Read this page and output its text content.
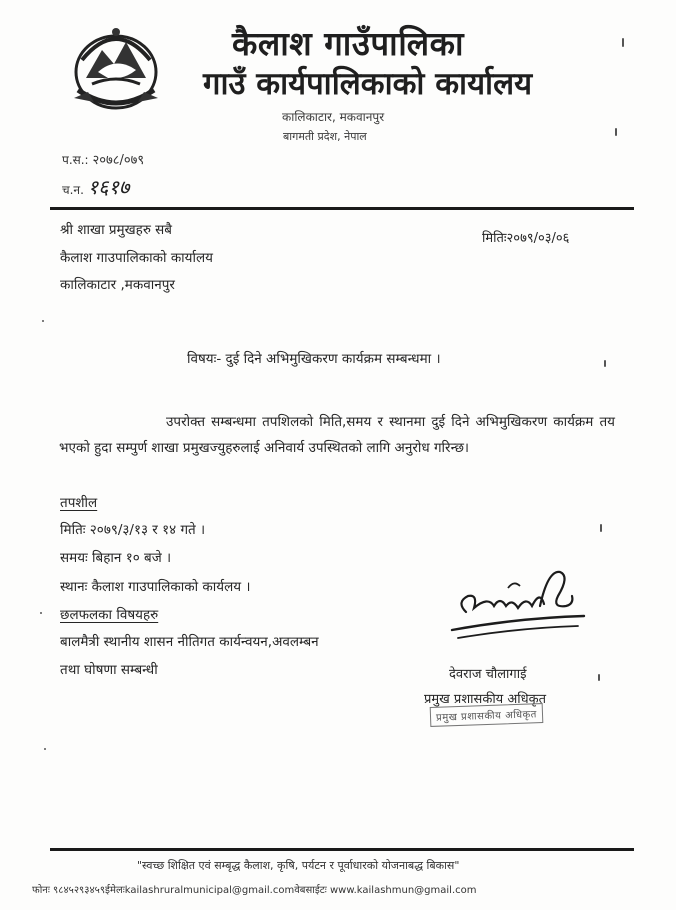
कैलाश गाउँपालिका
गाउँ कार्यपालिकाको कार्यालय
कालिकाटार, मकवानपुर
बागमती प्रदेश, नेपाल
प.स.: २०७८/०७९
च.न. १६१७
श्री शाखा प्रमुखहरु सबै
कैलाश गाउपालिकाको कार्यालय
कालिकाटार ,मकवानपुर
मितिः२०७९/०३/०६
विषयः- दुई दिने अभिमुखिकरण कार्यक्रम सम्बन्धमा ।
उपरोक्त सम्बन्धमा तपशिलको मिति,समय र स्थानमा दुई दिने अभिमुखिकरण कार्यक्रम तय भएको हुदा सम्पुर्ण शाखा प्रमुखज्युहरुलाई अनिवार्य उपस्थितको लागि अनुरोध गरिन्छ।
तपशील
मितिः २०७९/३/१३ र १४ गते ।
समयः बिहान १० बजे ।
स्थानः कैलाश गाउपालिकाको कार्यलय ।
छलफलका विषयहरु
बालमैत्री स्थानीय शासन नीतिगत कार्यन्वयन,अवलम्बन
तथा घोषणा सम्बन्धी	देवराज चौलागाई
प्रमुख प्रशासकीय अधिकृत
प्रमुख प्रशासकीय अधिकृत
"स्वच्छ शिक्षित एवं सम्बृद्ध कैलाश, कृषि, पर्यटन र पूर्वाधारको योजनाबद्ध बिकास"
फोनः ९८४५२९३४५९ईमेलःkailashruralmunicipal@gmail.comवेबसाईटः www.kailashmun@gmail.com
